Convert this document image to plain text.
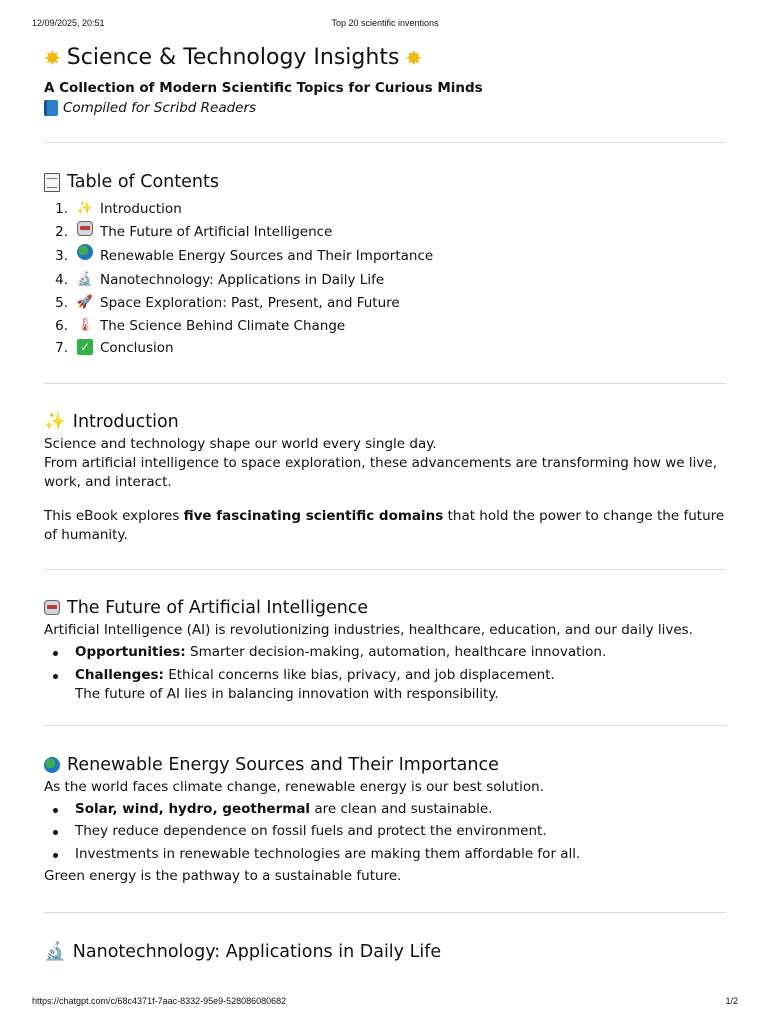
12/09/2025, 20:51	Top 20 scientific inventions
✸ Science & Technology Insights ✸

A Collection of Modern Scientific Topics for Curious Minds

Compiled for Scribd Readers

Table of Contents
1. ✨ Introduction
2.	The Future of Artificial Intelligence
3.	Renewable Energy Sources and Their Importance
4. 🔬 Nanotechnology: Applications in Daily Life
5. 🚀 Space Exploration: Past, Present, and Future
6. 🌡 The Science Behind Climate Change
7. ✓ Conclusion
✨ Introduction

Science and technology shape our world every single day.
From artificial intelligence to space exploration, these advancements are transforming how we live, work, and interact.

This eBook explores five fascinating scientific domains that hold the power to change the future of humanity.

The Future of Artificial Intelligence

Artificial Intelligence (AI) is revolutionizing industries, healthcare, education, and our daily lives.

Opportunities: Smarter decision-making, automation, healthcare innovation.
Challenges: Ethical concerns like bias, privacy, and job displacement.
The future of AI lies in balancing innovation with responsibility.
Renewable Energy Sources and Their Importance

As the world faces climate change, renewable energy is our best solution.

Solar, wind, hydro, geothermal are clean and sustainable.
They reduce dependence on fossil fuels and protect the environment.
Investments in renewable technologies are making them affordable for all.

Green energy is the pathway to a sustainable future.

🔬 Nanotechnology: Applications in Daily Life
https://chatgpt.com/c/68c4371f-7aac-8332-95e9-528086080682	1/2
